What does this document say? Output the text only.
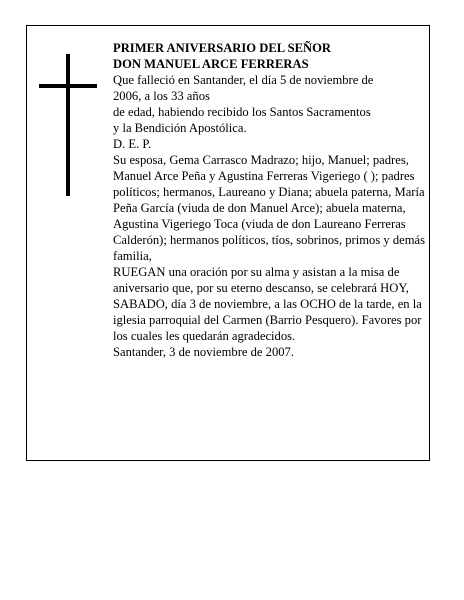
PRIMER ANIVERSARIO DEL SEÑOR

DON MANUEL ARCE FERRERAS

Que falleció en Santander, el día 5 de noviembre de

2006, a los 33 años

de edad, habiendo recibido los Santos Sacramentos

y la Bendición Apostólica.

D. E. P.

Su esposa, Gema Carrasco Madrazo; hijo, Manuel; padres, Manuel Arce Peña y Agustina Ferreras Vigeriego ( ); padres políticos; hermanos, Laureano y Diana; abuela paterna, María Peña García (viuda de don Manuel Arce); abuela materna, Agustina Vigeriego Toca (viuda de don Laureano Ferreras Calderón); hermanos políticos, tíos, sobrinos, primos y demás familia,

RUEGAN una oración por su alma y asistan a la misa de aniversario que, por su eterno descanso, se celebrará HOY, SABADO, día 3 de noviembre, a las OCHO de la tarde, en la iglesia parroquial del Carmen (Barrio Pesquero). Favores por los cuales les quedarán agradecidos.

Santander, 3 de noviembre de 2007.
